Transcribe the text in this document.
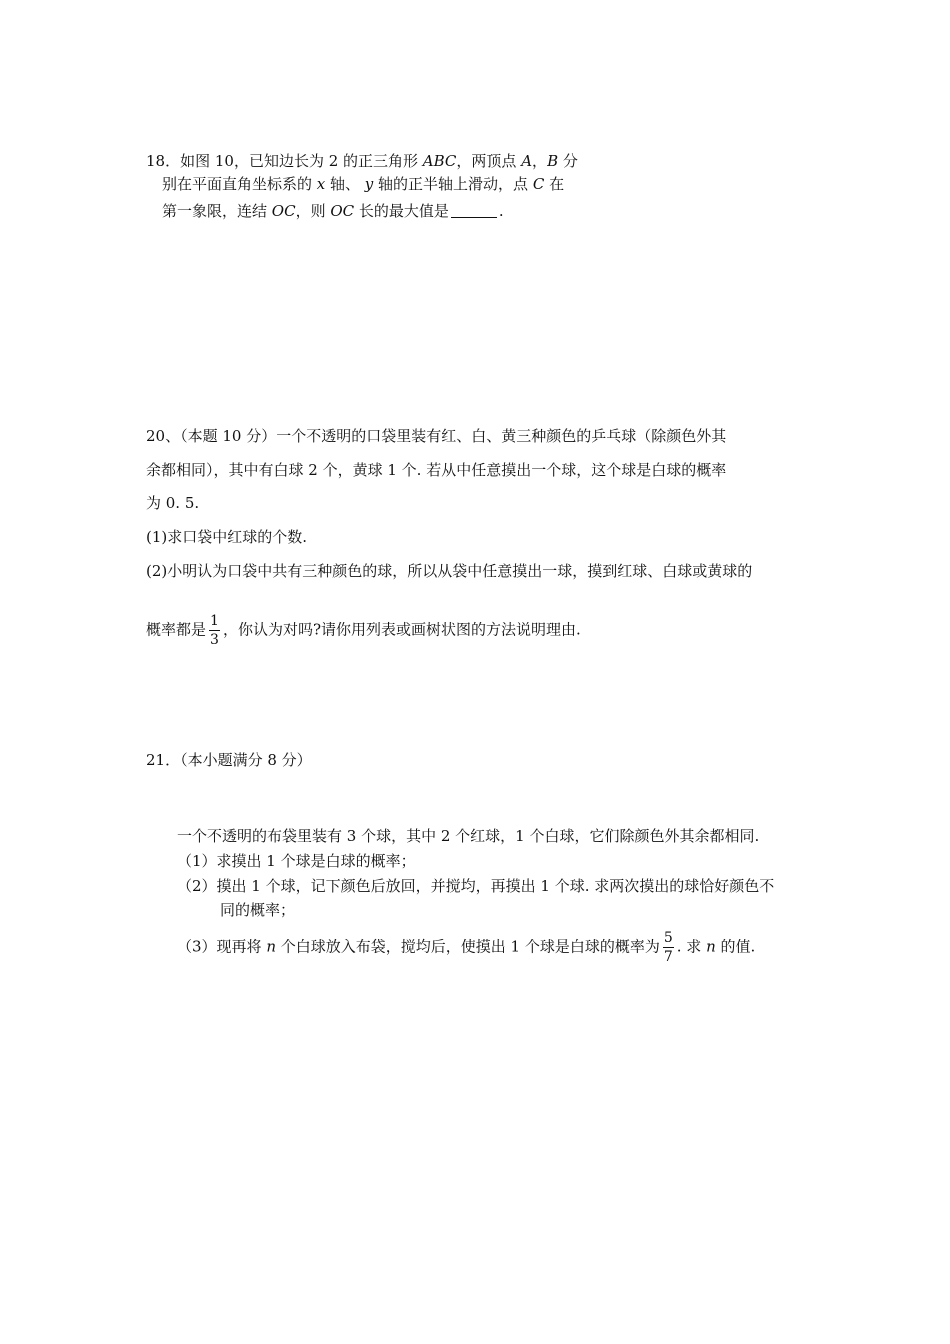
18．如图 10，已知边长为 2 的正三角形 ABC，两顶点 A，B 分
别在平面直角坐标系的 x 轴、 y 轴的正半轴上滑动，点 C 在
第一象限，连结 OC，则 OC 长的最大值是	.
20、（本题 10 分）一个不透明的口袋里装有红、白、黄三种颜色的乒乓球（除颜色外其
余都相同），其中有白球 2 个，黄球 1 个. 若从中任意摸出一个球，这个球是白球的概率
为 0. 5.
(1)求口袋中红球的个数.
(2)小明认为口袋中共有三种颜色的球，所以从袋中任意摸出一球，摸到红球、白球或黄球的
概率都是 $\frac{1}{3}$ ，你认为对吗?请你用列表或画树状图的方法说明理由.
21．（本小题满分 8 分）
一个不透明的布袋里装有 3 个球，其中 2 个红球，1 个白球，它们除颜色外其余都相同.
（1）求摸出 1 个球是白球的概率；
（2）摸出 1 个球，记下颜色后放回，并搅均，再摸出 1 个球. 求两次摸出的球恰好颜色不
同的概率；
（3）现再将 n 个白球放入布袋，搅均后，使摸出 1 个球是白球的概率为 $\frac{5}{7}$ . 求 n 的值.
